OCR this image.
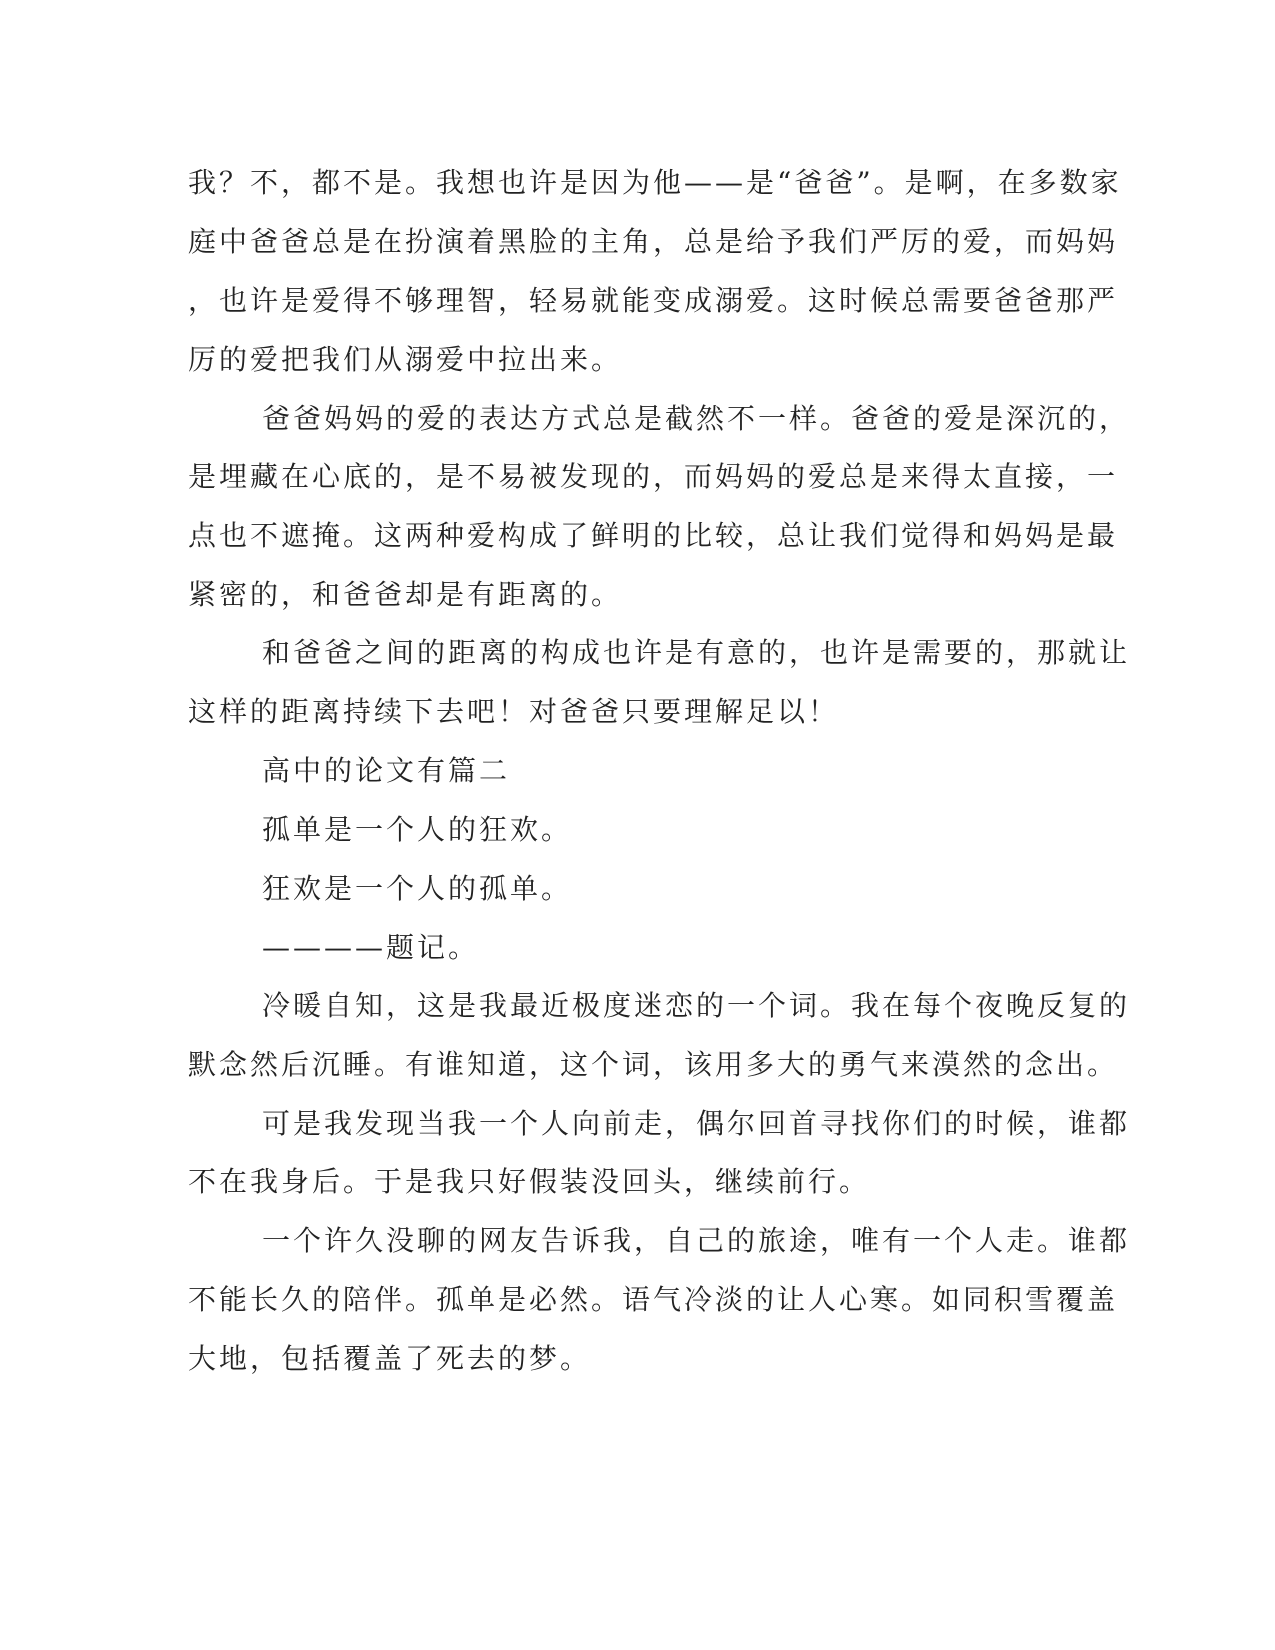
我？不，都不是。我想也许是因为他——是“爸爸”。是啊，在多数家
庭中爸爸总是在扮演着黑脸的主角，总是给予我们严厉的爱，而妈妈
，也许是爱得不够理智，轻易就能变成溺爱。这时候总需要爸爸那严
厉的爱把我们从溺爱中拉出来。
爸爸妈妈的爱的表达方式总是截然不一样。爸爸的爱是深沉的，
是埋藏在心底的，是不易被发现的，而妈妈的爱总是来得太直接，一
点也不遮掩。这两种爱构成了鲜明的比较，总让我们觉得和妈妈是最
紧密的，和爸爸却是有距离的。
和爸爸之间的距离的构成也许是有意的，也许是需要的，那就让
这样的距离持续下去吧！对爸爸只要理解足以！
高中的论文有篇二
孤单是一个人的狂欢。
狂欢是一个人的孤单。
————题记。
冷暖自知，这是我最近极度迷恋的一个词。我在每个夜晚反复的
默念然后沉睡。有谁知道，这个词，该用多大的勇气来漠然的念出。
可是我发现当我一个人向前走，偶尔回首寻找你们的时候，谁都
不在我身后。于是我只好假装没回头，继续前行。
一个许久没聊的网友告诉我，自己的旅途，唯有一个人走。谁都
不能长久的陪伴。孤单是必然。语气冷淡的让人心寒。如同积雪覆盖
大地，包括覆盖了死去的梦。
